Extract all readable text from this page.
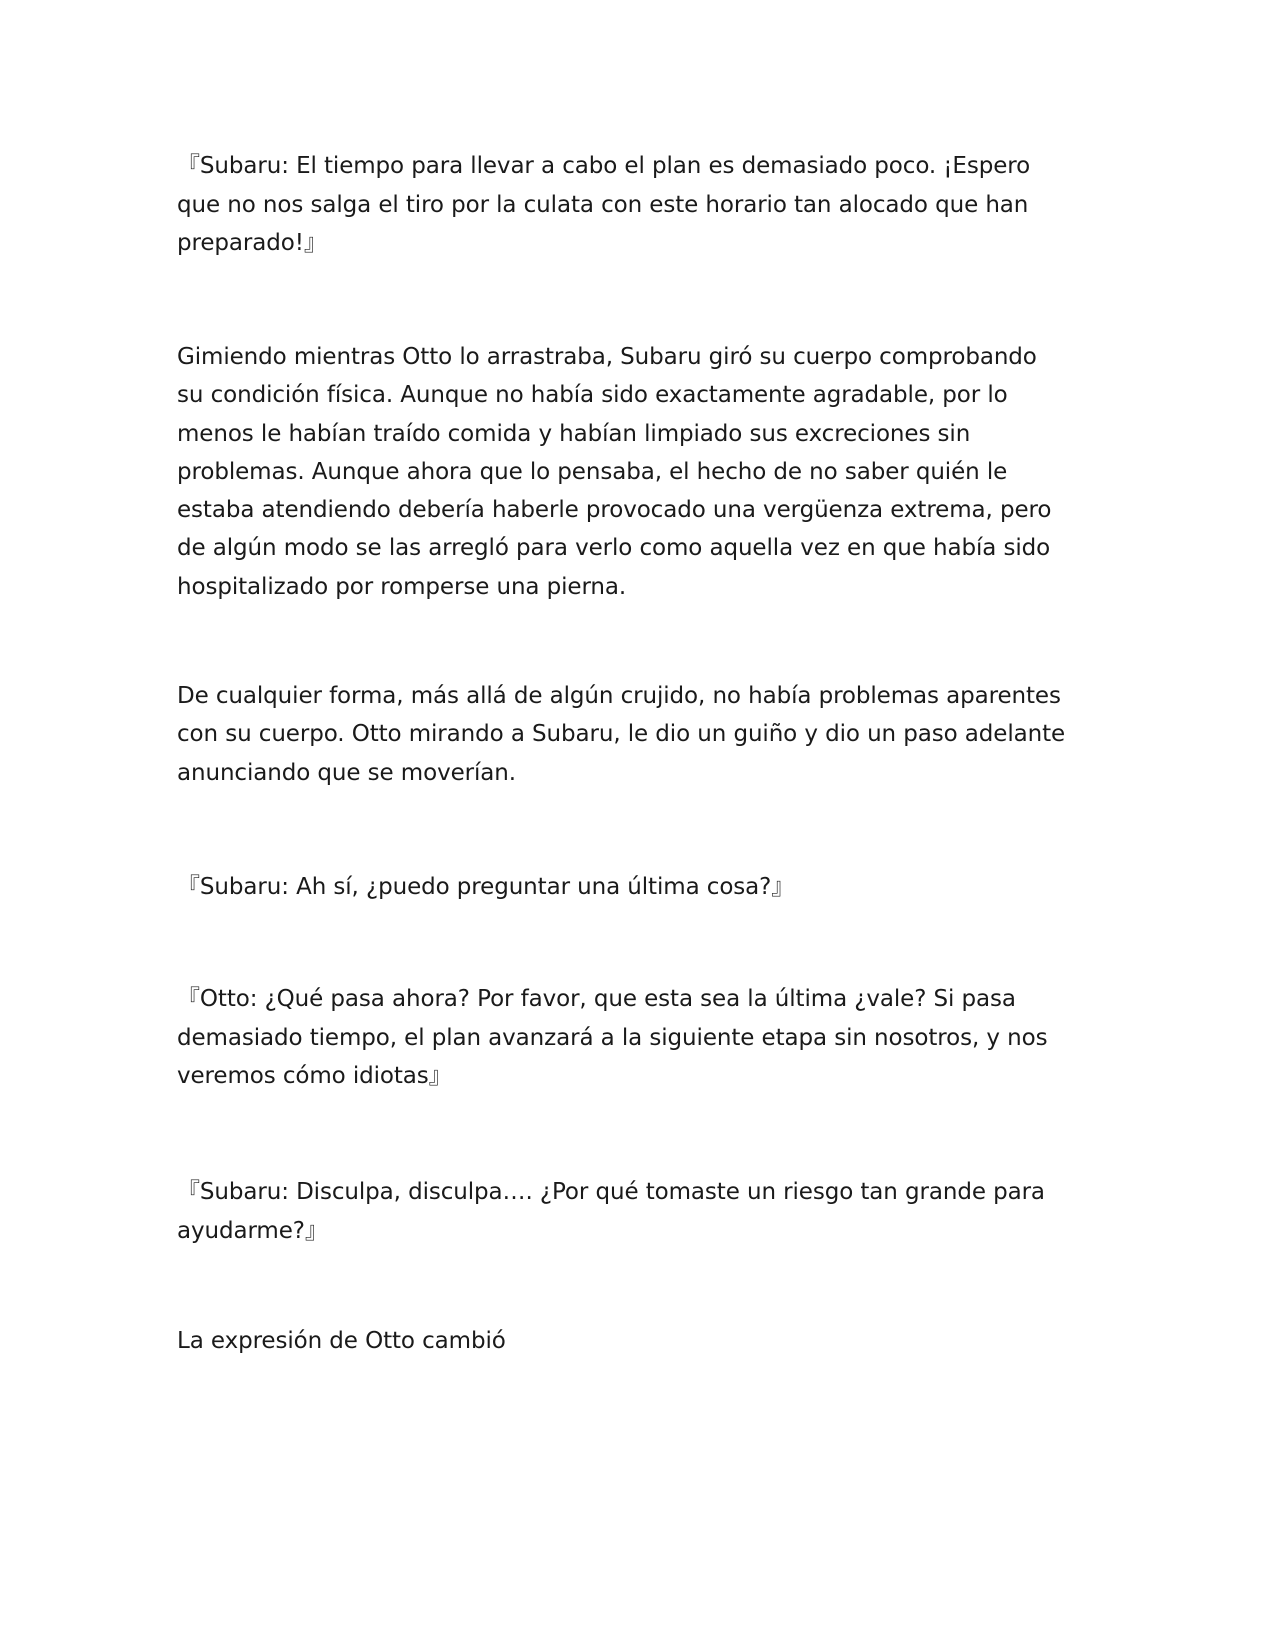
『Subaru: El tiempo para llevar a cabo el plan es demasiado poco. ¡Espero
que no nos salga el tiro por la culata con este horario tan alocado que han
preparado!』

Gimiendo mientras Otto lo arrastraba, Subaru giró su cuerpo comprobando
su condición física. Aunque no había sido exactamente agradable, por lo
menos le habían traído comida y habían limpiado sus excreciones sin
problemas. Aunque ahora que lo pensaba, el hecho de no saber quién le
estaba atendiendo debería haberle provocado una vergüenza extrema, pero
de algún modo se las arregló para verlo como aquella vez en que había sido
hospitalizado por romperse una pierna.

De cualquier forma, más allá de algún crujido, no había problemas aparentes
con su cuerpo. Otto mirando a Subaru, le dio un guiño y dio un paso adelante
anunciando que se moverían.

『Subaru: Ah sí, ¿puedo preguntar una última cosa?』

『Otto: ¿Qué pasa ahora? Por favor, que esta sea la última ¿vale? Si pasa
demasiado tiempo, el plan avanzará a la siguiente etapa sin nosotros, y nos
veremos cómo idiotas』

『Subaru: Disculpa, disculpa…. ¿Por qué tomaste un riesgo tan grande para
ayudarme?』

La expresión de Otto cambió
